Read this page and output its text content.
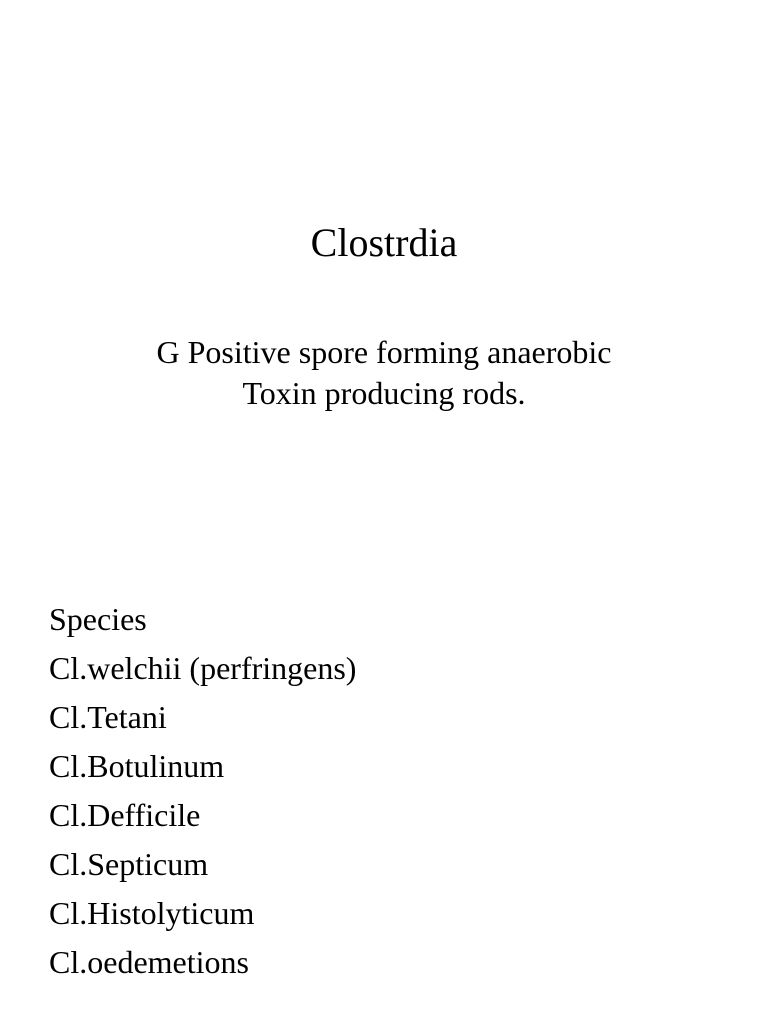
Clostrdia
G Positive spore forming anaerobic
Toxin producing rods.
Species
Cl.welchii (perfringens)
Cl.Tetani
Cl.Botulinum
Cl.Defficile
Cl.Septicum
Cl.Histolyticum
Cl.oedemetions
